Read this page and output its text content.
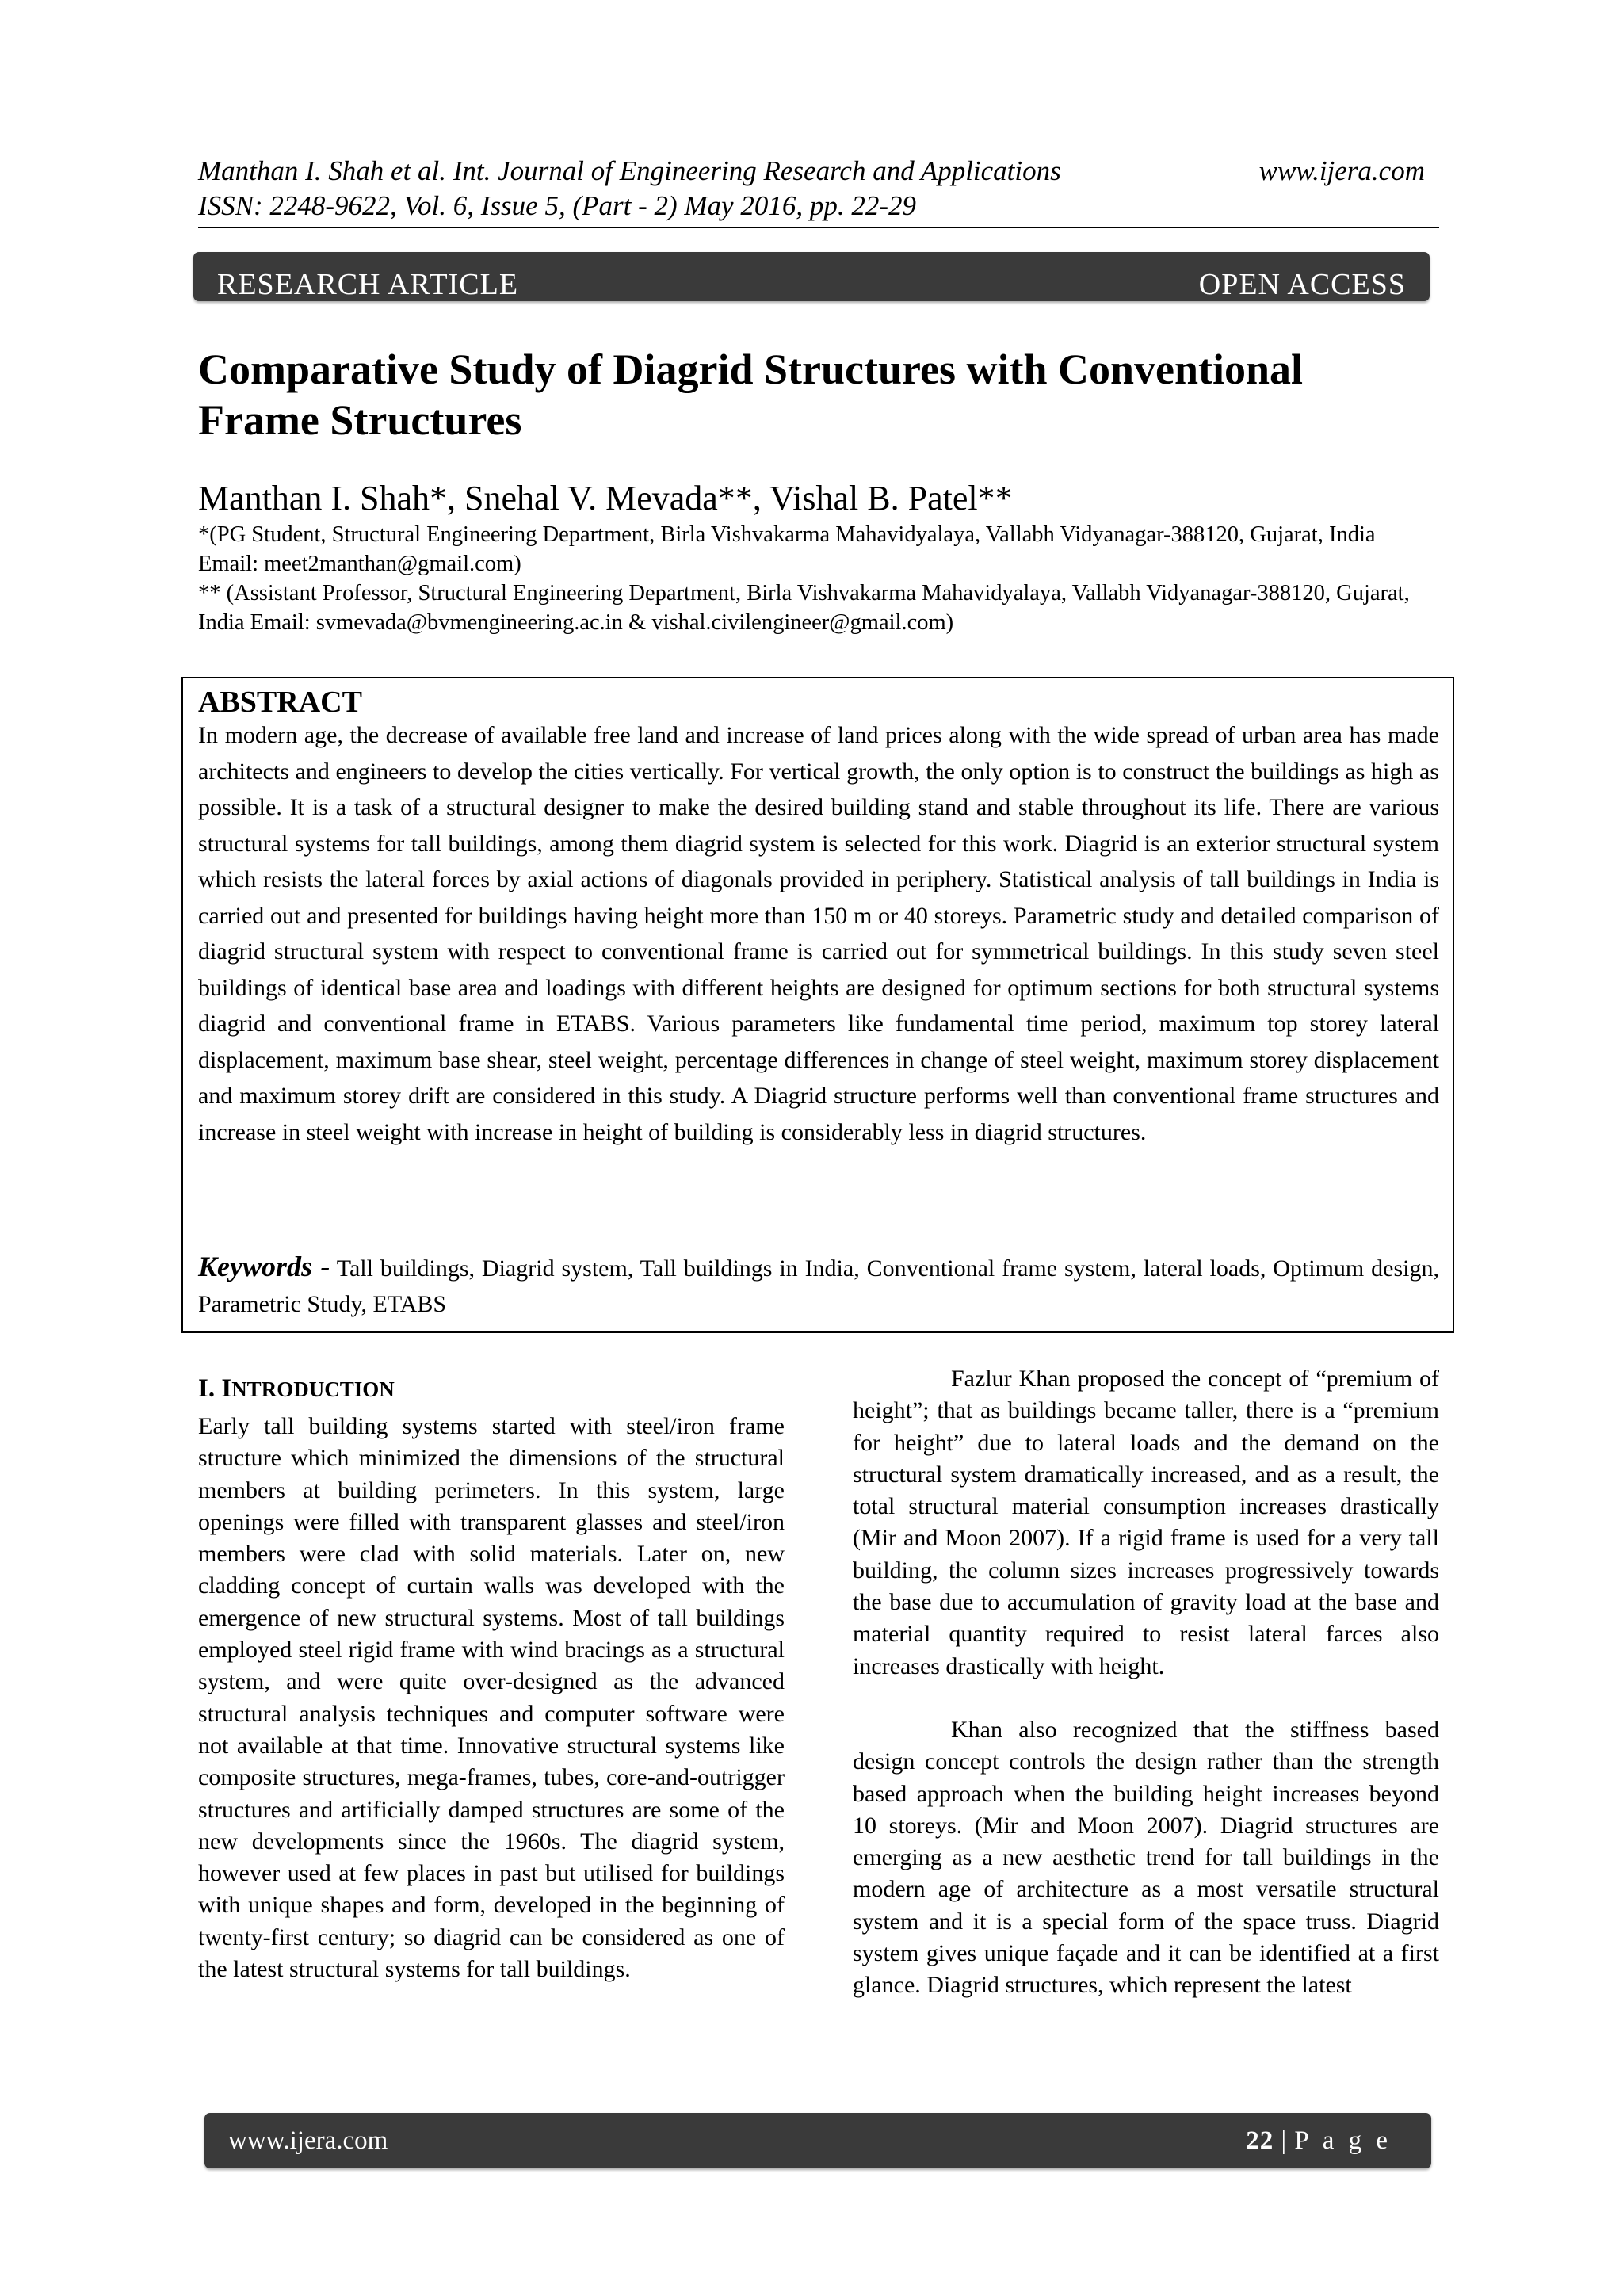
Manthan I. Shah et al. Int. Journal of Engineering Research and Applications
ISSN: 2248-9622, Vol. 6, Issue 5, (Part - 2) May 2016, pp. 22-29
www.ijera.com
RESEARCH ARTICLE	OPEN ACCESS
Comparative Study of Diagrid Structures with Conventional Frame Structures
Manthan I. Shah*, Snehal V. Mevada**, Vishal B. Patel**

*(PG Student, Structural Engineering Department, Birla Vishvakarma Mahavidyalaya, Vallabh Vidyanagar-388120, Gujarat, India Email: meet2manthan@gmail.com)

** (Assistant Professor, Structural Engineering Department, Birla Vishvakarma Mahavidyalaya, Vallabh Vidyanagar-388120, Gujarat, India Email: svmevada@bvmengineering.ac.in & vishal.civilengineer@gmail.com)

ABSTRACT

In modern age, the decrease of available free land and increase of land prices along with the wide spread of urban area has made architects and engineers to develop the cities vertically. For vertical growth, the only option is to construct the buildings as high as possible. It is a task of a structural designer to make the desired building stand and stable throughout its life. There are various structural systems for tall buildings, among them diagrid system is selected for this work. Diagrid is an exterior structural system which resists the lateral forces by axial actions of diagonals provided in periphery. Statistical analysis of tall buildings in India is carried out and presented for buildings having height more than 150 m or 40 storeys. Parametric study and detailed comparison of diagrid structural system with respect to conventional frame is carried out for symmetrical buildings. In this study seven steel buildings of identical base area and loadings with different heights are designed for optimum sections for both structural systems diagrid and conventional frame in ETABS. Various parameters like fundamental time period, maximum top storey lateral displacement, maximum base shear, steel weight, percentage differences in change of steel weight, maximum storey displacement and maximum storey drift are considered in this study. A Diagrid structure performs well than conventional frame structures and increase in steel weight with increase in height of building is considerably less in diagrid structures.

Keywords - Tall buildings, Diagrid system, Tall buildings in India, Conventional frame system, lateral loads, Optimum design, Parametric Study, ETABS

I. INTRODUCTION

Early tall building systems started with steel/iron frame structure which minimized the dimensions of the structural members at building perimeters. In this system, large openings were filled with transparent glasses and steel/iron members were clad with solid materials. Later on, new cladding concept of curtain walls was developed with the emergence of new structural systems. Most of tall buildings employed steel rigid frame with wind bracings as a structural system, and were quite over-designed as the advanced structural analysis techniques and computer software were not available at that time. Innovative structural systems like composite structures, mega-frames, tubes, core-and-outrigger structures and artificially damped structures are some of the new developments since the 1960s. The diagrid system, however used at few places in past but utilised for buildings with unique shapes and form, developed in the beginning of twenty-first century; so diagrid can be considered as one of the latest structural systems for tall buildings.

Fazlur Khan proposed the concept of “premium of height”; that as buildings became taller, there is a “premium for height” due to lateral loads and the demand on the structural system dramatically increased, and as a result, the total structural material consumption increases drastically (Mir and Moon 2007). If a rigid frame is used for a very tall building, the column sizes increases progressively towards the base due to accumulation of gravity load at the base and material quantity required to resist lateral farces also increases drastically with height.

Khan also recognized that the stiffness based design concept controls the design rather than the strength based approach when the building height increases beyond 10 storeys. (Mir and Moon 2007). Diagrid structures are emerging as a new aesthetic trend for tall buildings in the modern age of architecture as a most versatile structural system and it is a special form of the space truss. Diagrid system gives unique façade and it can be identified at a first glance. Diagrid structures, which represent the latest

www.ijera.com	22 | P a g e
